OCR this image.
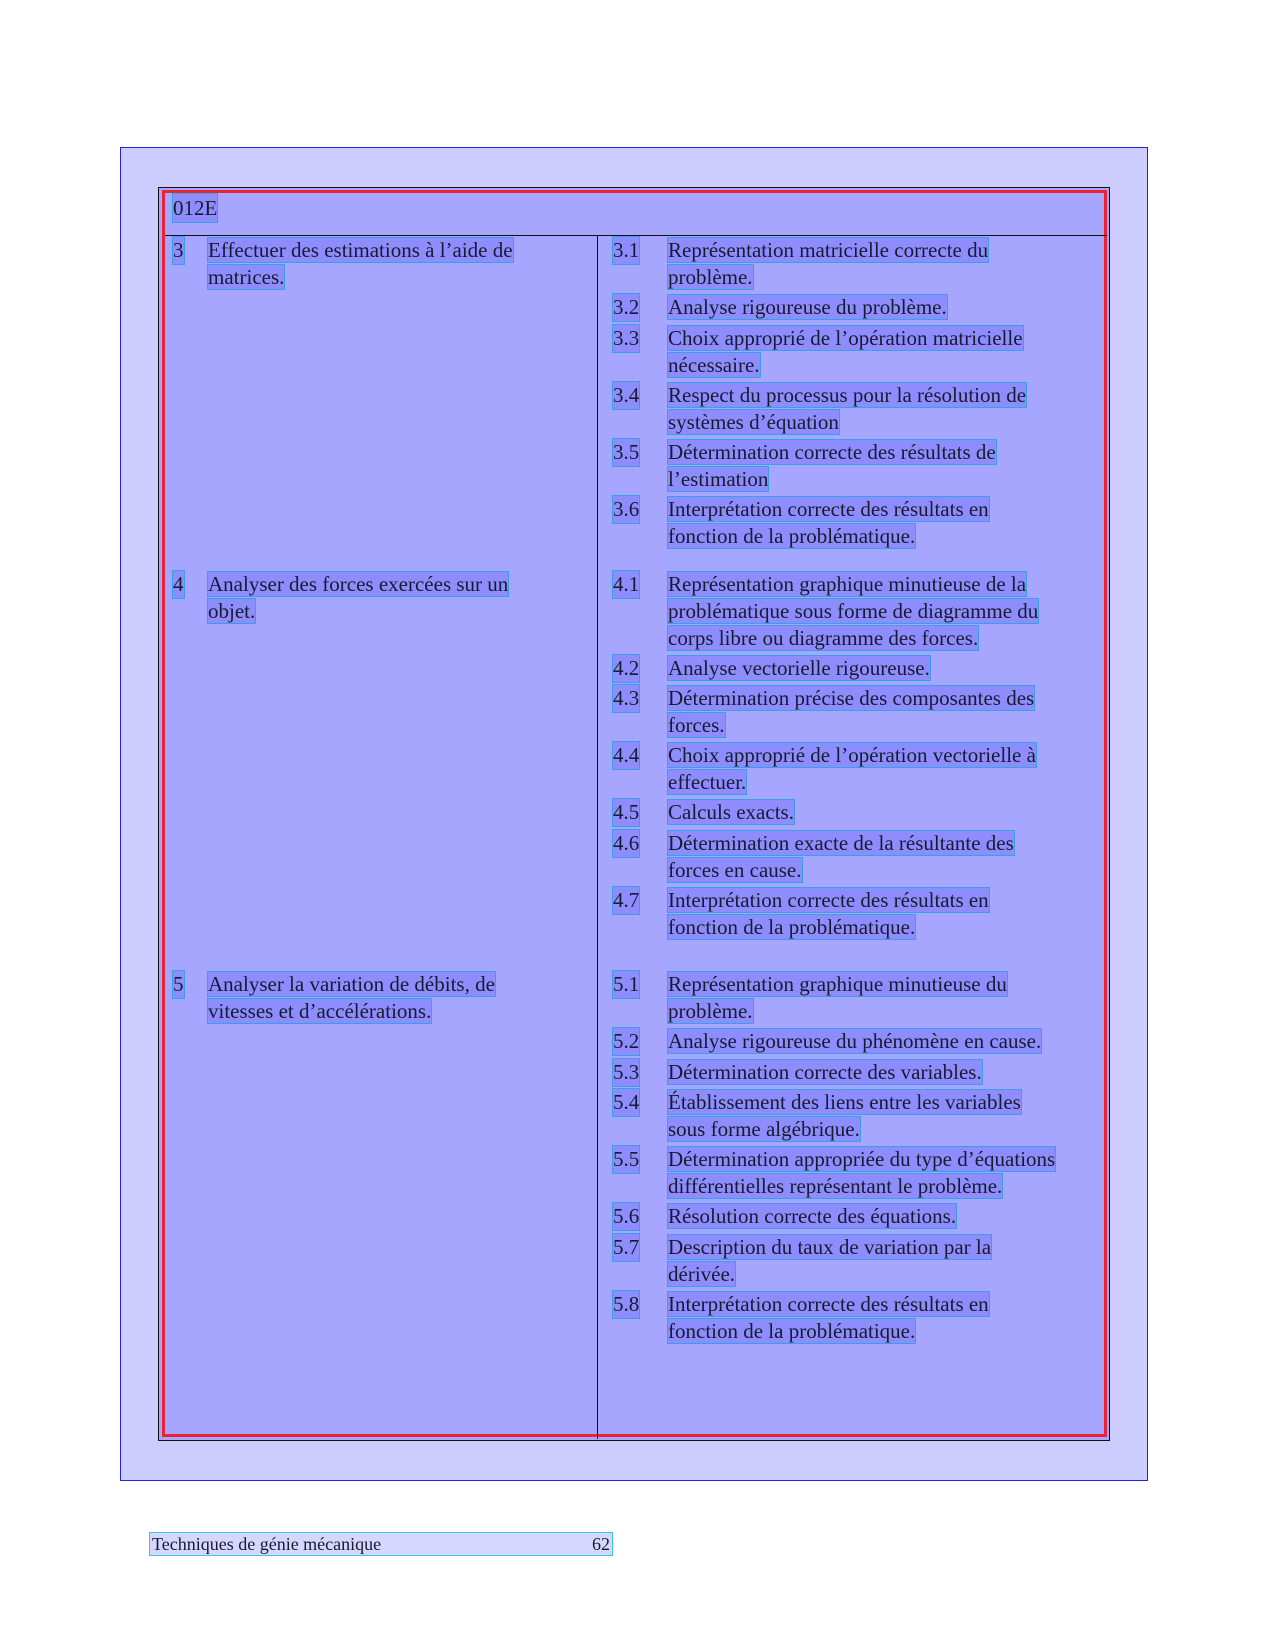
012E
3 Effectuer des estimations à l’aide de
matrices.
3.1 Représentation matricielle correcte du
problème.
3.2 Analyse rigoureuse du problème.
3.3 Choix approprié de l’opération matricielle
nécessaire.
3.4 Respect du processus pour la résolution de
systèmes d’équation
3.5 Détermination correcte des résultats de
l’estimation
3.6 Interprétation correcte des résultats en
fonction de la problématique.
4 Analyser des forces exercées sur un
objet.
4.1 Représentation graphique minutieuse de la
problématique sous forme de diagramme du
corps libre ou diagramme des forces.
4.2 Analyse vectorielle rigoureuse.
4.3 Détermination précise des composantes des
forces.
4.4 Choix approprié de l’opération vectorielle à
effectuer.
4.5 Calculs exacts.
4.6 Détermination exacte de la résultante des
forces en cause.
4.7 Interprétation correcte des résultats en
fonction de la problématique.
5 Analyser la variation de débits, de
vitesses et d’accélérations.
5.1 Représentation graphique minutieuse du
problème.
5.2 Analyse rigoureuse du phénomène en cause.
5.3 Détermination correcte des variables.
5.4 Établissement des liens entre les variables
sous forme algébrique.
5.5 Détermination appropriée du type d’équations
différentielles représentant le problème.
5.6 Résolution correcte des équations.
5.7 Description du taux de variation par la
dérivée.
5.8 Interprétation correcte des résultats en
fonction de la problématique.
Techniques de génie mécanique	62
